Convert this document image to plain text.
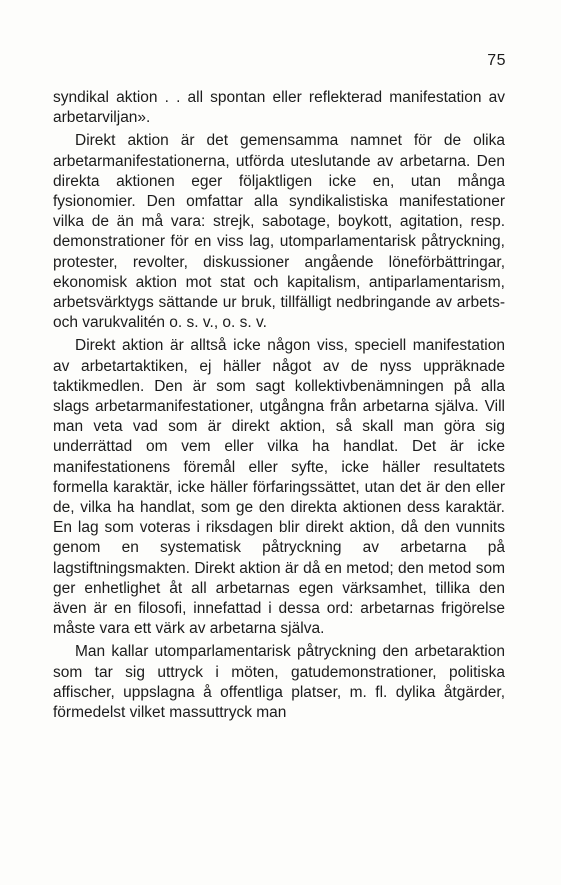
75

syndikal aktion . . all spontan eller reflekterad manifestation av arbetarviljan».

Direkt aktion är det gemensamma namnet för de olika arbetarmanifestationerna, utförda uteslutande av arbetarna. Den direkta aktionen eger följaktligen icke en, utan många fysionomier. Den omfattar alla syndikalistiska manifestationer vilka de än må vara: strejk, sabotage, boykott, agitation, resp. demonstrationer för en viss lag, utomparlamentarisk påtryckning, protester, revolter, diskussioner angående löneförbättringar, ekonomisk aktion mot stat och kapitalism, antiparlamentarism, arbetsvärktygs sättande ur bruk, tillfälligt nedbringande av arbets- och varukvalitén o. s. v., o. s. v.

Direkt aktion är alltså icke någon viss, speciell manifestation av arbetartaktiken, ej häller något av de nyss uppräknade taktikmedlen. Den är som sagt kollektivbenämningen på alla slags arbetarmanifestationer, utgångna från arbetarna själva. Vill man veta vad som är direkt aktion, så skall man göra sig underrättad om vem eller vilka ha handlat. Det är icke manifestationens föremål eller syfte, icke häller resultatets formella karaktär, icke häller förfaringssättet, utan det är den eller de, vilka ha handlat, som ge den direkta aktionen dess karaktär. En lag som voteras i riksdagen blir direkt aktion, då den vunnits genom en systematisk påtryckning av arbetarna på lagstiftningsmakten. Direkt aktion är då en metod; den metod som ger enhetlighet åt all arbetarnas egen värksamhet, tillika den även är en filosofi, innefattad i dessa ord: arbetarnas frigörelse måste vara ett värk av arbetarna själva.

Man kallar utomparlamentarisk påtryckning den arbetaraktion som tar sig uttryck i möten, gatudemonstrationer, politiska affischer, uppslagna å offentliga platser, m. fl. dylika åtgärder, förmedelst vilket massuttryck man
